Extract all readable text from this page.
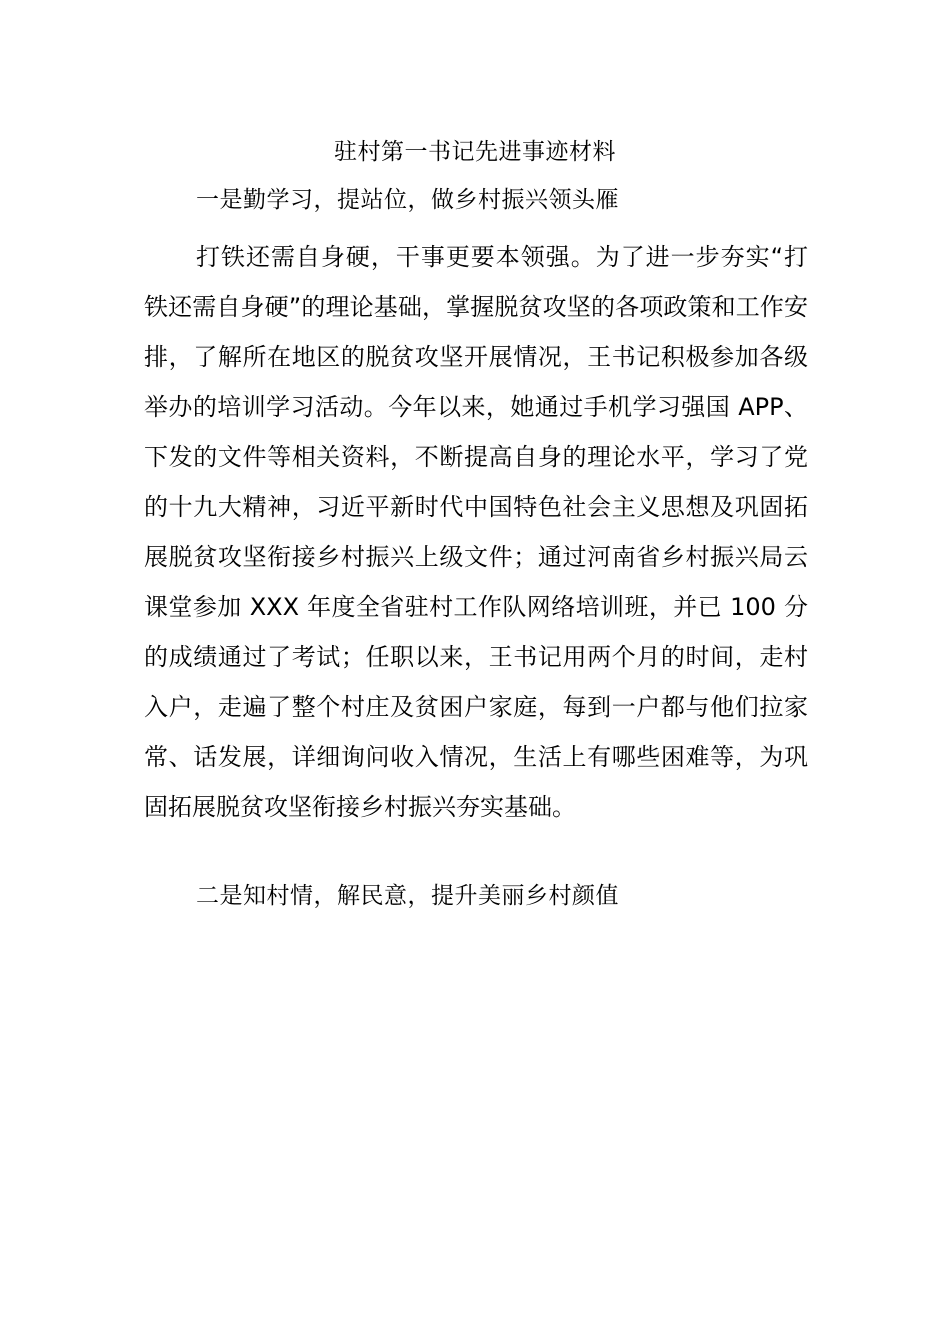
驻村第一书记先进事迹材料
一是勤学习，提站位，做乡村振兴领头雁

打铁还需自身硬，干事更要本领强。为了进一步夯实“打铁还需自身硬”的理论基础，掌握脱贫攻坚的各项政策和工作安排，了解所在地区的脱贫攻坚开展情况，王书记积极参加各级举办的培训学习活动。今年以来，她通过手机学习强国 APP、下发的文件等相关资料，不断提高自身的理论水平，学习了党的十九大精神，习近平新时代中国特色社会主义思想及巩固拓展脱贫攻坚衔接乡村振兴上级文件；通过河南省乡村振兴局云课堂参加 XXX 年度全省驻村工作队网络培训班，并已 100 分的成绩通过了考试；任职以来，王书记用两个月的时间，走村入户，走遍了整个村庄及贫困户家庭，每到一户都与他们拉家常、话发展，详细询问收入情况，生活上有哪些困难等，为巩固拓展脱贫攻坚衔接乡村振兴夯实基础。

二是知村情，解民意，提升美丽乡村颜值
